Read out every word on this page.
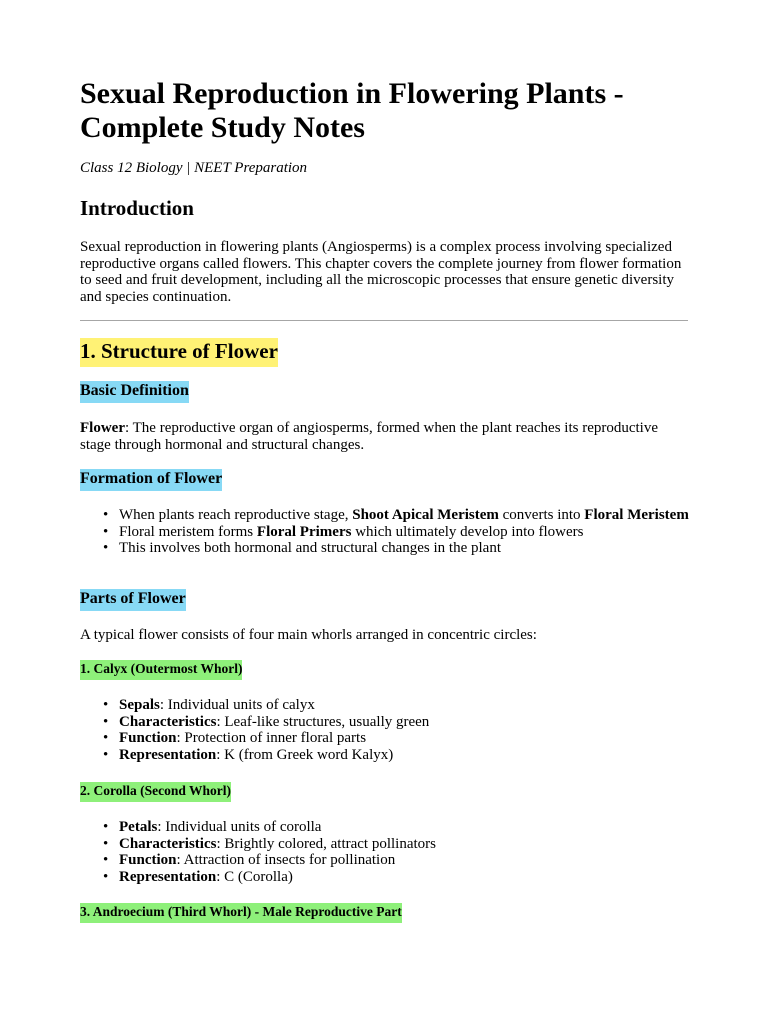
Sexual Reproduction in Flowering Plants -
Complete Study Notes
Class 12 Biology | NEET Preparation
Introduction
Sexual reproduction in flowering plants (Angiosperms) is a complex process involving specialized reproductive organs called flowers. This chapter covers the complete journey from flower formation to seed and fruit development, including all the microscopic processes that ensure genetic diversity and species continuation.
1. Structure of Flower
Basic Definition
Flower: The reproductive organ of angiosperms, formed when the plant reaches its reproductive stage through hormonal and structural changes.
Formation of Flower
• When plants reach reproductive stage, Shoot Apical Meristem converts into Floral Meristem
• Floral meristem forms Floral Primers which ultimately develop into flowers
• This involves both hormonal and structural changes in the plant
Parts of Flower
A typical flower consists of four main whorls arranged in concentric circles:
1. Calyx (Outermost Whorl)
• Sepals: Individual units of calyx
• Characteristics: Leaf-like structures, usually green
• Function: Protection of inner floral parts
• Representation: K (from Greek word Kalyx)
2. Corolla (Second Whorl)
• Petals: Individual units of corolla
• Characteristics: Brightly colored, attract pollinators
• Function: Attraction of insects for pollination
• Representation: C (Corolla)
3. Androecium (Third Whorl) - Male Reproductive Part
